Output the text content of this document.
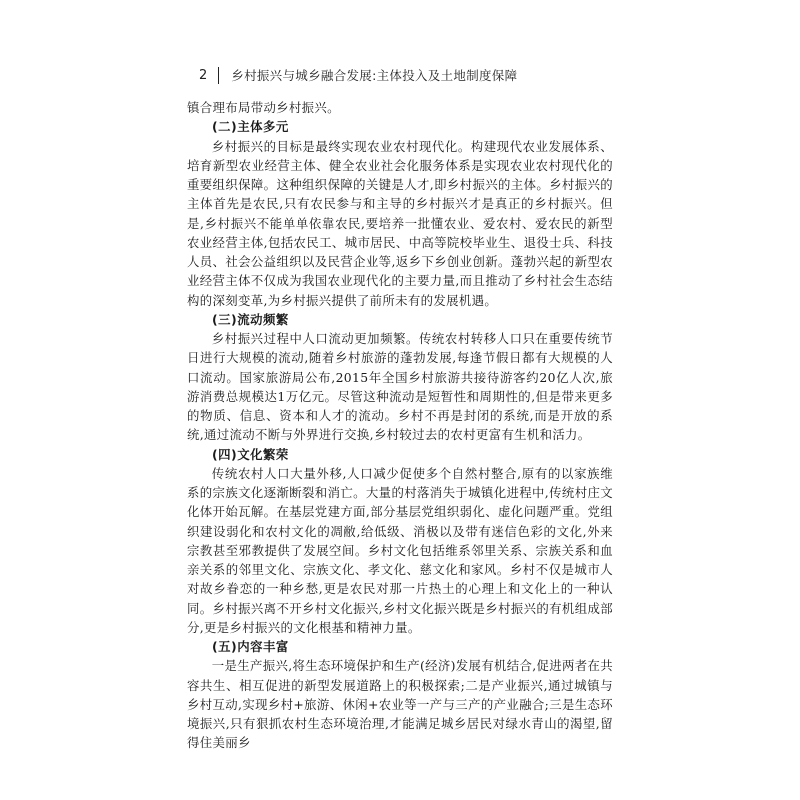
2 乡村振兴与城乡融合发展:主体投入及土地制度保障

镇合理布局带动乡村振兴。

(二)主体多元

乡村振兴的目标是最终实现农业农村现代化。构建现代农业发展体系、培育新型农业经营主体、健全农业社会化服务体系是实现农业农村现代化的重要组织保障。这种组织保障的关键是人才,即乡村振兴的主体。乡村振兴的主体首先是农民,只有农民参与和主导的乡村振兴才是真正的乡村振兴。但是,乡村振兴不能单单依靠农民,要培养一批懂农业、爱农村、爱农民的新型农业经营主体,包括农民工、城市居民、中高等院校毕业生、退役士兵、科技人员、社会公益组织以及民营企业等,返乡下乡创业创新。蓬勃兴起的新型农业经营主体不仅成为我国农业现代化的主要力量,而且推动了乡村社会生态结构的深刻变革,为乡村振兴提供了前所未有的发展机遇。

(三)流动频繁

乡村振兴过程中人口流动更加频繁。传统农村转移人口只在重要传统节日进行大规模的流动,随着乡村旅游的蓬勃发展,每逢节假日都有大规模的人口流动。国家旅游局公布,2015年全国乡村旅游共接待游客约20亿人次,旅游消费总规模达1万亿元。尽管这种流动是短暂性和周期性的,但是带来更多的物质、信息、资本和人才的流动。乡村不再是封闭的系统,而是开放的系统,通过流动不断与外界进行交换,乡村较过去的农村更富有生机和活力。

(四)文化繁荣

传统农村人口大量外移,人口减少促使多个自然村整合,原有的以家族维系的宗族文化逐渐断裂和消亡。大量的村落消失于城镇化进程中,传统村庄文化体开始瓦解。在基层党建方面,部分基层党组织弱化、虚化问题严重。党组织建设弱化和农村文化的凋敝,给低级、消极以及带有迷信色彩的文化,外来宗教甚至邪教提供了发展空间。乡村文化包括维系邻里关系、宗族关系和血亲关系的邻里文化、宗族文化、孝文化、慈文化和家风。乡村不仅是城市人对故乡眷恋的一种乡愁,更是农民对那一片热土的心理上和文化上的一种认同。乡村振兴离不开乡村文化振兴,乡村文化振兴既是乡村振兴的有机组成部分,更是乡村振兴的文化根基和精神力量。

(五)内容丰富

一是生产振兴,将生态环境保护和生产(经济)发展有机结合,促进两者在共容共生、相互促进的新型发展道路上的积极探索;二是产业振兴,通过城镇与乡村互动,实现乡村+旅游、休闲+农业等一产与三产的产业融合;三是生态环境振兴,只有狠抓农村生态环境治理,才能满足城乡居民对绿水青山的渴望,留得住美丽乡
